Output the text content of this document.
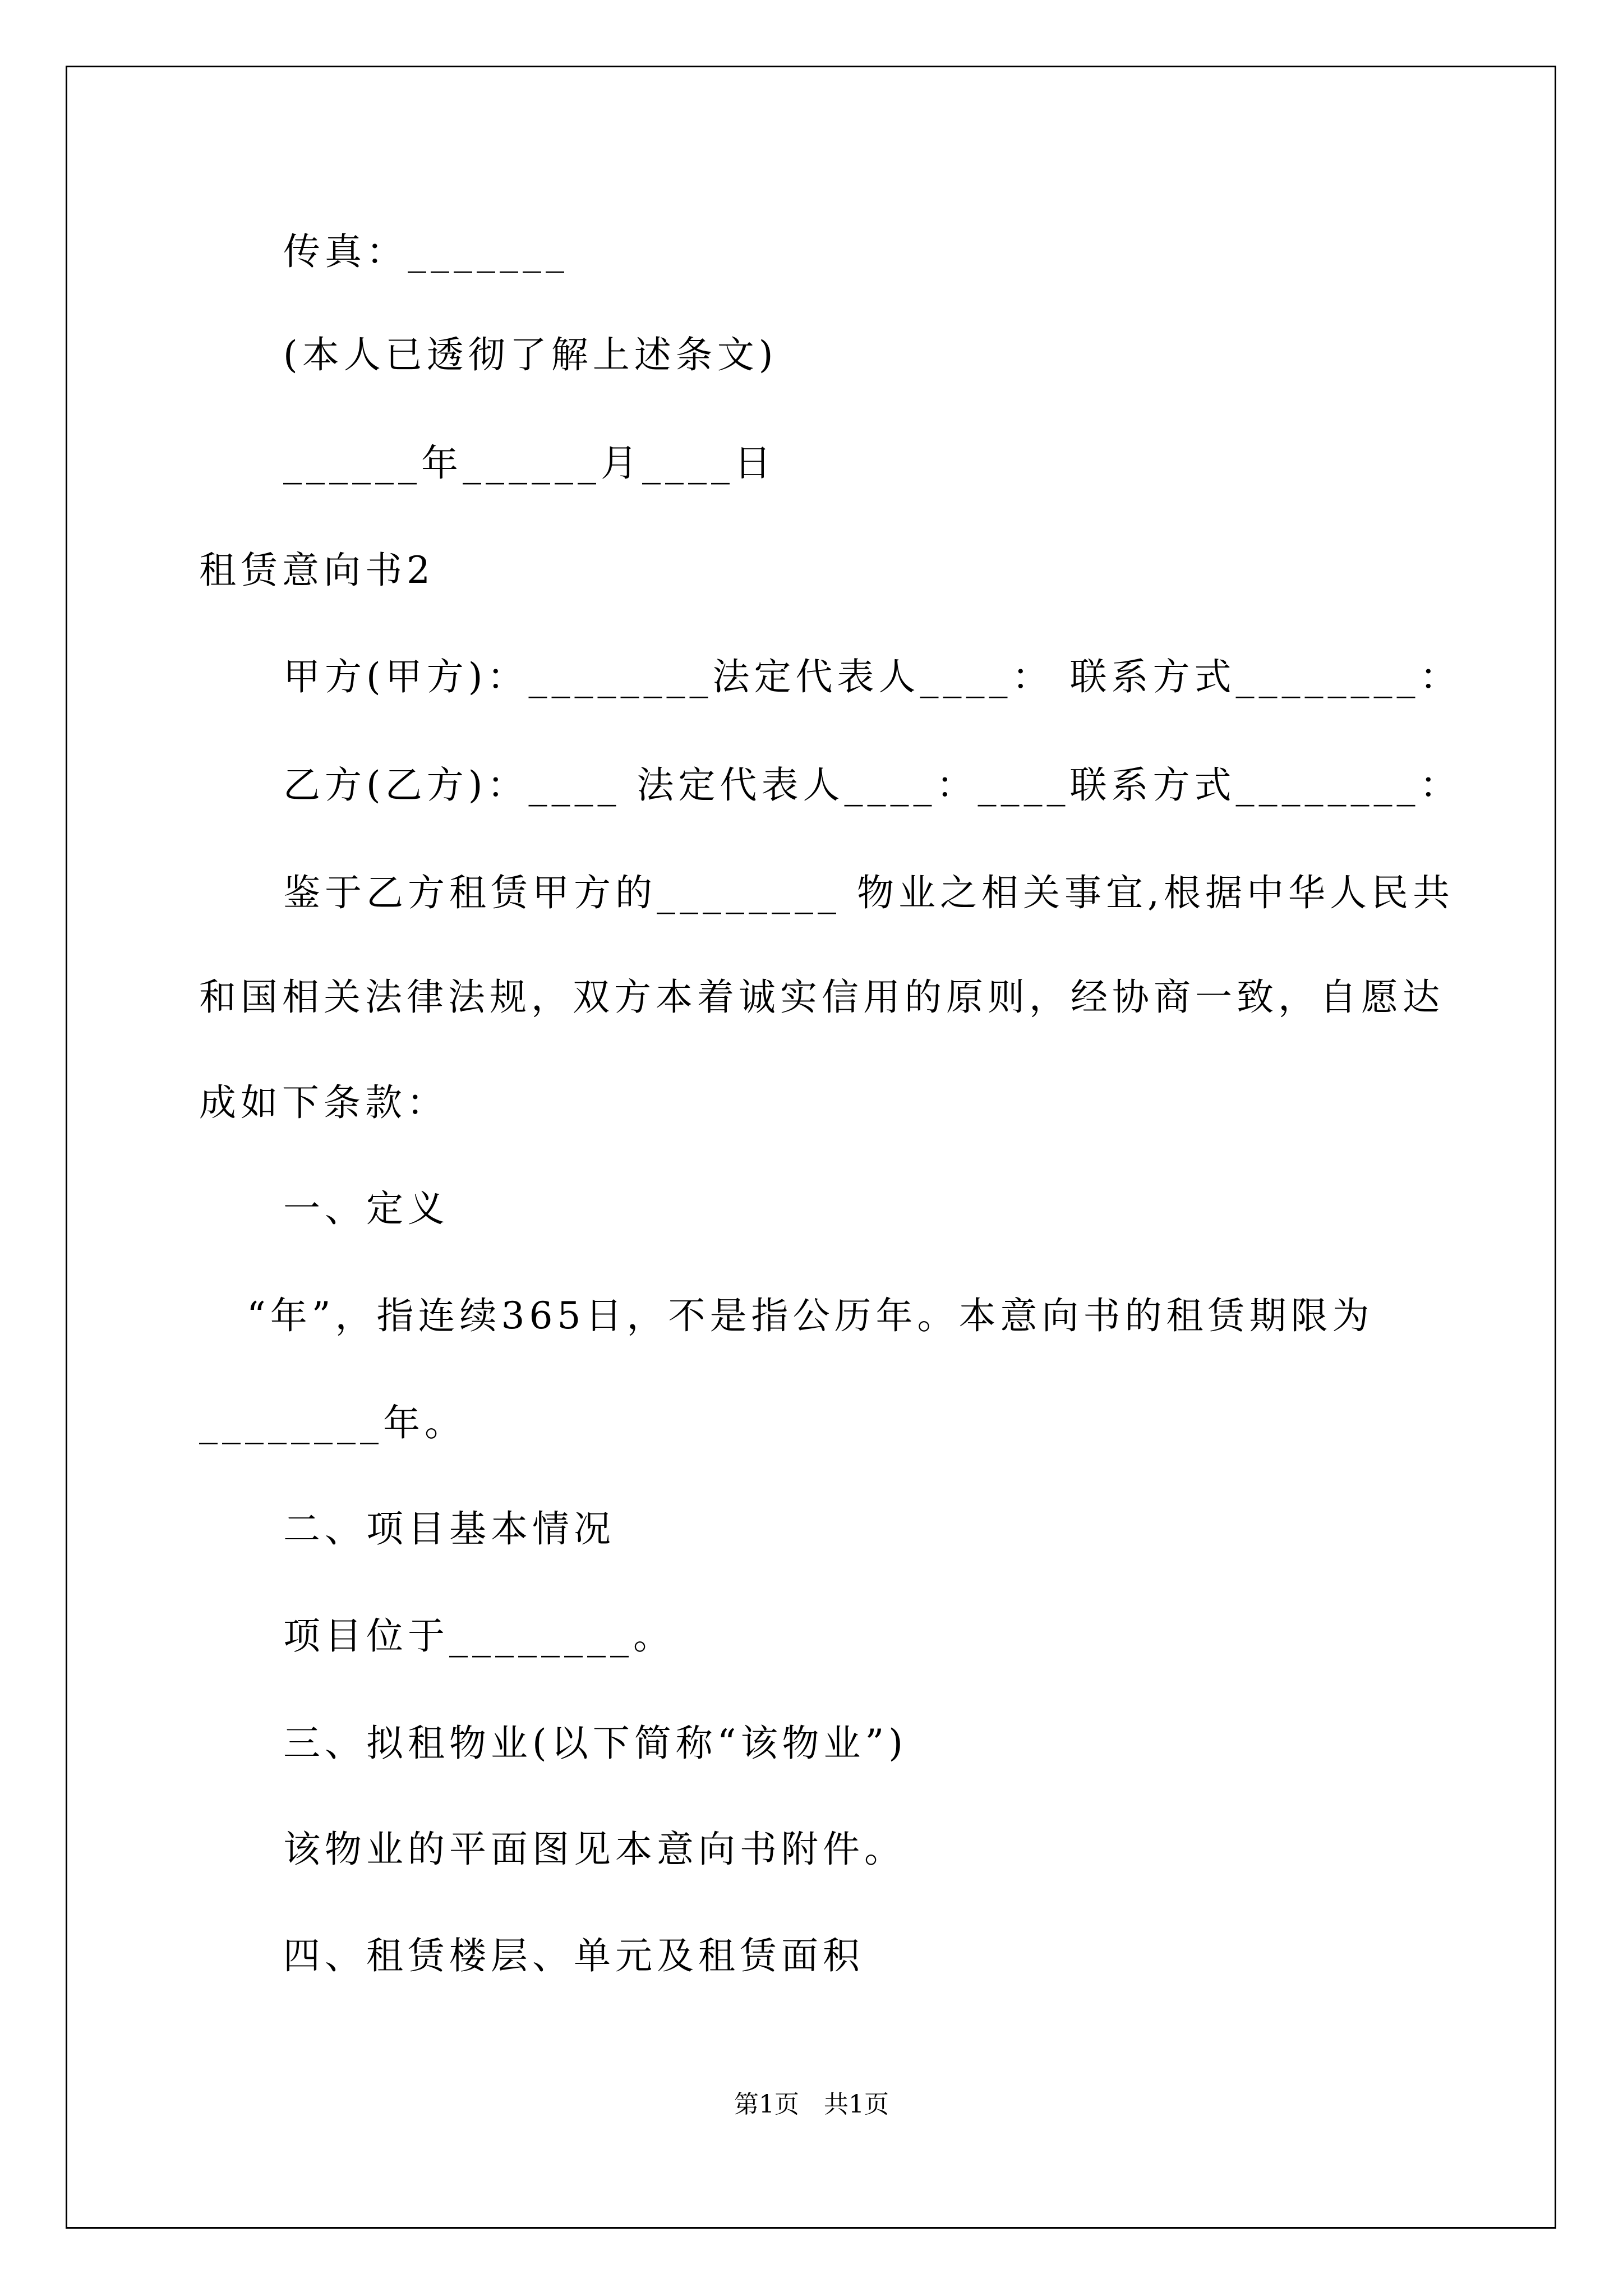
传真：_______
(本人已透彻了解上述条文)
______年______月____日
租赁意向书2
甲方(甲方)：________法定代表人____： 联系方式________：
乙方(乙方)：____ 法定代表人____：____联系方式________：
鉴于乙方租赁甲方的________ 物业之相关事宜,根据中华人民共
和国相关法律法规，双方本着诚实信用的原则，经协商一致，自愿达
成如下条款：
一、定义
“年”，指连续365日，不是指公历年。本意向书的租赁期限为
________年。
二、项目基本情况
项目位于________。
三、拟租物业(以下简称“该物业”)
该物业的平面图见本意向书附件。
四、租赁楼层、单元及租赁面积
第1页　共1页
